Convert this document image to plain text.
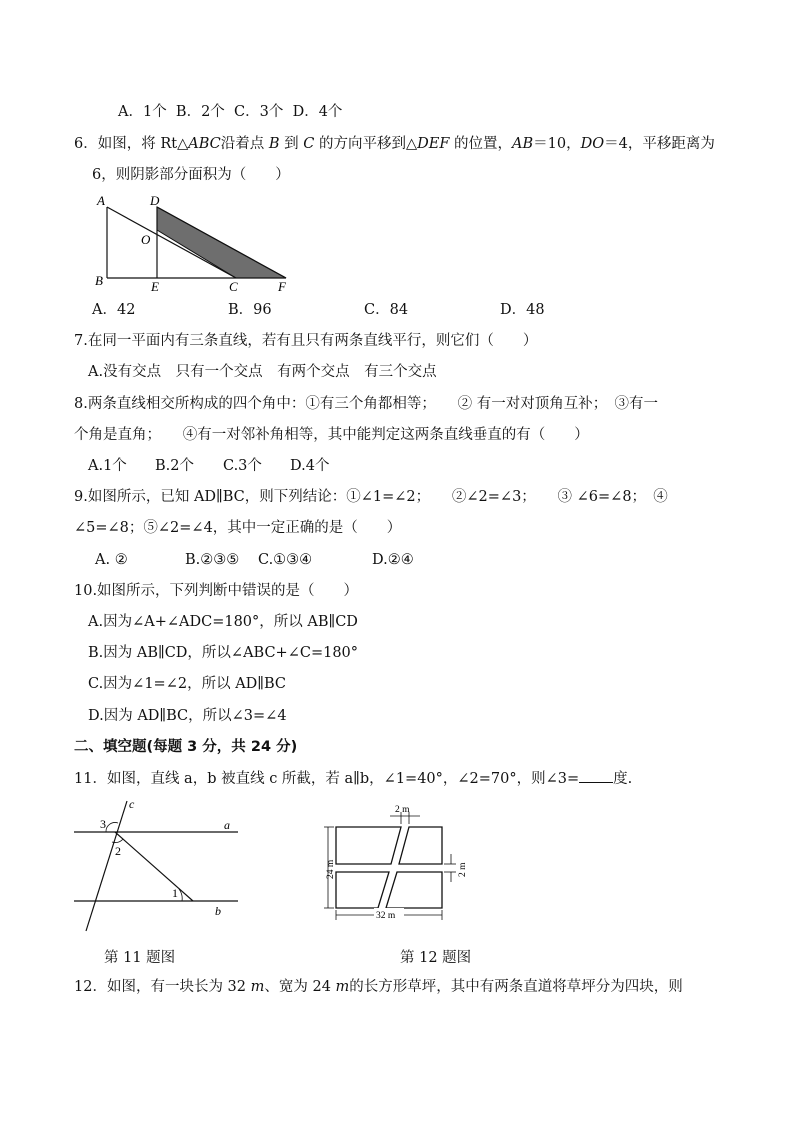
A．1个 B．2个 C．3个 D．4个
6．如图，将 Rt△ABC沿着点 B 到 C 的方向平移到△DEF 的位置，AB＝10，DO＝4，平移距离为
6，则阴影部分面积为（　　）
A	D
O
B	E	C	F
A．42	B．96	C．84	D．48
7.在同一平面内有三条直线，若有且只有两条直线平行，则它们（　　）
A.没有交点　只有一个交点　有两个交点　有三个交点
8.两条直线相交所构成的四个角中：①有三个角都相等；　　② 有一对对顶角互补；　③有一
个角是直角；　　④有一对邻补角相等，其中能判定这两条直线垂直的有（　　）
A.1个 B.2个 C.3个 D.4个
9.如图所示，已知 AD∥BC，则下列结论：①∠1=∠2；　　②∠2=∠3；　　③ ∠6=∠8；　④
∠5=∠8；⑤∠2=∠4，其中一定正确的是（　　）
A. ②	B.②③⑤ C.①③④	D.②④
10.如图所示，下列判断中错误的是（　　）
A.因为∠A+∠ADC=180°，所以 AB∥CD
B.因为 AB∥CD，所以∠ABC+∠C=180°
C.因为∠1=∠2，所以 AD∥BC
D.因为 AD∥BC，所以∠3=∠4
二、填空题(每题 3 分，共 24 分)
11．如图，直线 a，b 被直线 c 所截，若 a∥b，∠1=40°，∠2=70°，则∠3= 度.
c
a
b
3
2
1
第 11 题图
2 m
24 m	2 m
32 m
第 12 题图
12．如图，有一块长为 32 m、宽为 24 m的长方形草坪，其中有两条直道将草坪分为四块，则
